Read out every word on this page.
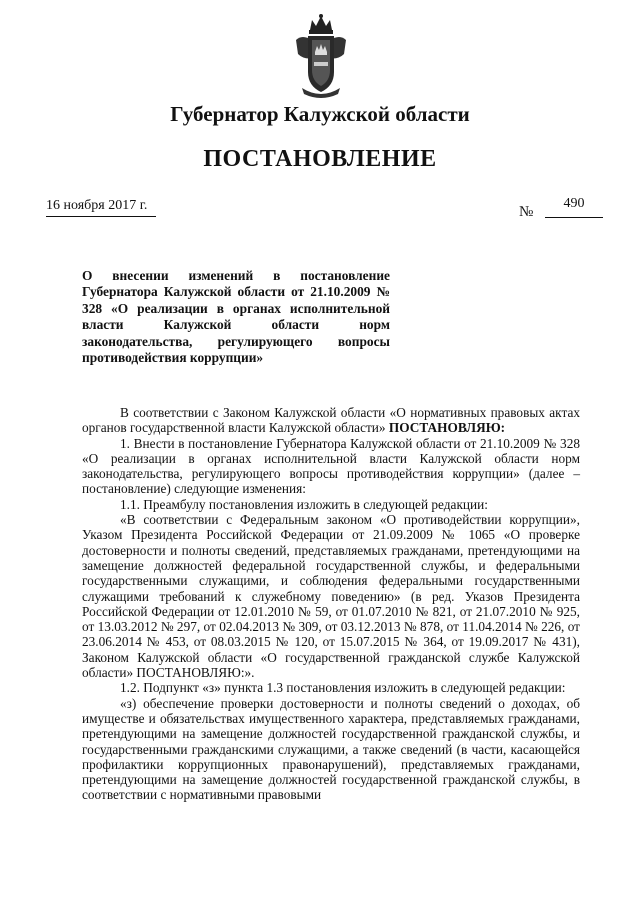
Губернатор Калужской области
ПОСТАНОВЛЕНИЕ
16 ноября 2017 г.	№
490
О внесении изменений в постановление Губернатора Калужской области от 21.10.2009 № 328 «О реализации в органах исполнительной власти Калужской области норм законодательства, регулирующего вопросы противодействия коррупции»

В соответствии с Законом Калужской области «О нормативных правовых актах органов государственной власти Калужской области» ПОСТАНОВЛЯЮ:

1. Внести в постановление Губернатора Калужской области от 21.10.2009 № 328 «О реализации в органах исполнительной власти Калужской области норм законодательства, регулирующего вопросы противодействия коррупции» (далее – постановление) следующие изменения:

1.1. Преамбулу постановления изложить в следующей редакции:

«В соответствии с Федеральным законом «О противодействии коррупции», Указом Президента Российской Федерации от 21.09.2009 № 1065 «О проверке достоверности и полноты сведений, представляемых гражданами, претендующими на замещение должностей федеральной государственной службы, и федеральными государственными служащими, и соблюдения федеральными государственными служащими требований к служебному поведению» (в ред. Указов Президента Российской Федерации от 12.01.2010 № 59, от 01.07.2010 № 821, от 21.07.2010 № 925, от 13.03.2012 № 297, от 02.04.2013 № 309, от 03.12.2013 № 878, от 11.04.2014 № 226, от 23.06.2014 № 453, от 08.03.2015 № 120, от 15.07.2015 № 364, от 19.09.2017 № 431), Законом Калужской области «О государственной гражданской службе Калужской области» ПОСТАНОВЛЯЮ:».

1.2. Подпункт «з» пункта 1.3 постановления изложить в следующей редакции:

«з) обеспечение проверки достоверности и полноты сведений о доходах, об имуществе и обязательствах имущественного характера, представляемых гражданами, претендующими на замещение должностей государственной гражданской службы, и государственными гражданскими служащими, а также сведений (в части, касающейся профилактики коррупционных правонарушений), представляемых гражданами, претендующими на замещение должностей государственной гражданской службы, в соответствии с нормативными правовыми
